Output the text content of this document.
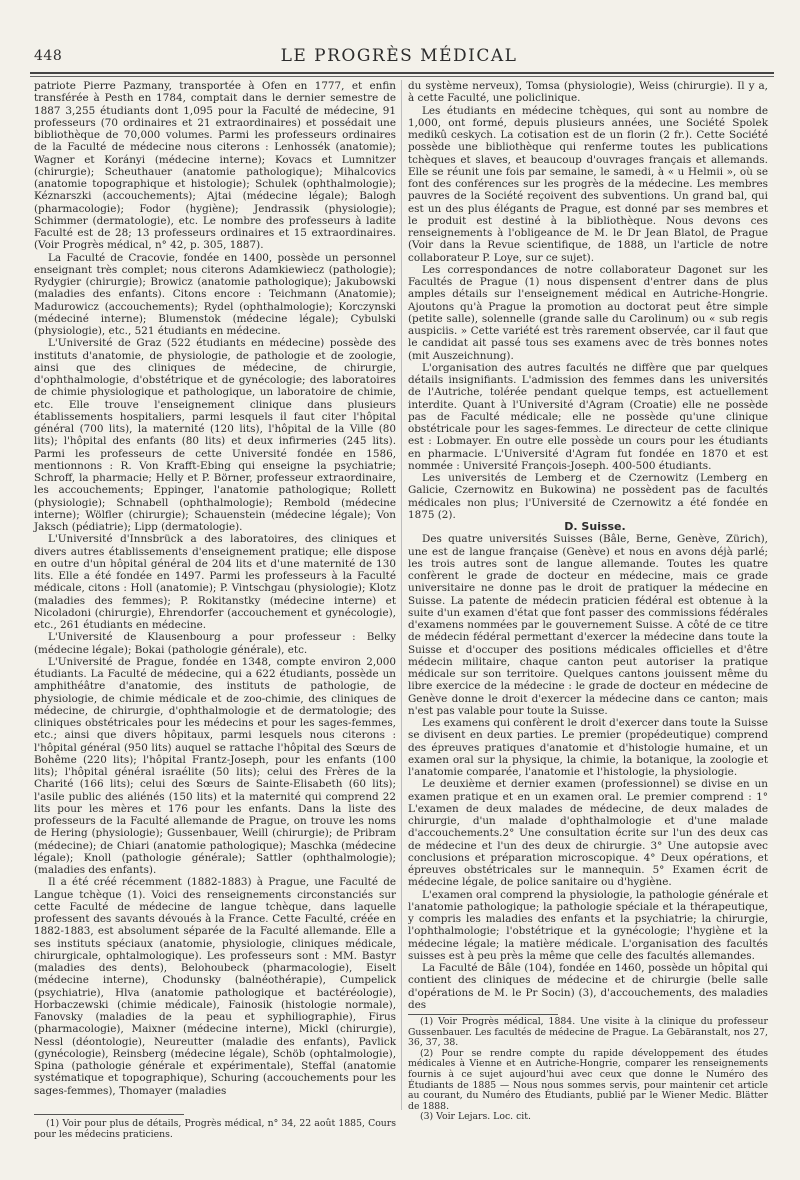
448	LE PROGRÈS MÉDICAL

patriote Pierre Pazmany, transportée à Ofen en 1777, et enfin transférée à Pesth en 1784, comptait dans le dernier semestre de 1887 3,255 étudiants dont 1,095 pour la Faculté de médecine, 91 professeurs (70 ordinaires et 21 extraordinaires) et possédait une bibliothèque de 70,000 volumes. Parmi les professeurs ordinaires de la Faculté de médecine nous citerons : Lenhossék (anatomie); Wagner et Korányi (médecine interne); Kovacs et Lumnitzer (chirurgie); Scheuthauer (anatomie pathologique); Mihalcovics (anatomie topographique et histologie); Schulek (ophthalmologie); Kéznarszki (accouchements); Ajtai (médecine légale); Balogh (pharmacologie); Fodor (hygiène); Jendrassik (physiologie); Schimmer (dermatologie), etc. Le nombre des professeurs à ladite Faculté est de 28; 13 professeurs ordinaires et 15 extraordinaires.(Voir Progrès médical, n° 42, p. 305, 1887).

La Faculté de Cracovie, fondée en 1400, possède un personnel enseignant très complet; nous citerons Adamkiewiecz (pathologie); Rydygier (chirurgie); Browicz (anatomie pathologique); Jakubowski (maladies des enfants). Citons encore : Teichmann (Anatomie); Madurowicz (accouchements); Rydel (ophthalmologie); Korczynski (médeciné interne); Blumenstok (médecine légale); Cybulski (physiologie), etc., 521 étudiants en médecine.

L'Université de Graz (522 étudiants en médecine) possède des instituts d'anatomie, de physiologie, de pathologie et de zoologie, ainsi que des cliniques de médecine, de chirurgie, d'ophthalmologie, d'obstétrique et de gynécologie; des laboratoires de chimie physiologique et pathologique, un laboratoire de chimie, etc. Elle trouve l'enseignement clinique dans plusieurs établissements hospitaliers, parmi lesquels il faut citer l'hôpital général (700 lits), la maternité (120 lits), l'hôpital de la Ville (80 lits); l'hôpital des enfants (80 lits) et deux infirmeries (245 lits). Parmi les professeurs de cette Université fondée en 1586, mentionnons : R. Von Krafft-Ebing qui enseigne la psychiatrie; Schroff, la pharmacie; Helly et P. Börner, professeur extraordinaire, les accouchements; Eppinger, l'anatomie pathologique; Rollett (physiologie); Schnabell (ophthalmologie); Rembold (médecine interne); Wölfler (chirurgie); Schauenstein (médecine légale); Von Jaksch (pédiatrie); Lipp (dermatologie).

L'Université d'Innsbrück a des laboratoires, des cliniques et divers autres établissements d'enseignement pratique; elle dispose en outre d'un hôpital général de 204 lits et d'une maternité de 130 lits. Elle a été fondée en 1497. Parmi les professeurs à la Faculté médicale, citons : Holl (anatomie); P. Vintschgau (physiologie); Klotz (maladies des femmes); P. Rokitanstky (médecine interne) et Nicoladoni (chirurgie), Ehrendorfer (accouchement et gynécologie), etc., 261 étudiants en médecine.

L'Université de Klausenbourg a pour professeur : Belky (médecine légale); Bokai (pathologie générale), etc.

L'Université de Prague, fondée en 1348, compte environ 2,000 étudiants. La Faculté de médecine, qui a 622 étudiants, possède un amphithéâtre d'anatomie, des instituts de pathologie, de physiologie, de chimie médicale et de zoo-chimie, des cliniques de médecine, de chirurgie, d'ophthalmologie et de dermatologie; des cliniques obstétricales pour les médecins et pour les sages-femmes, etc.; ainsi que divers hôpitaux, parmi lesquels nous citerons : l'hôpital général (950 lits) auquel se rattache l'hôpital des Sœurs de Bohême (220 lits); l'hôpital Frantz-Joseph, pour les enfants (100 lits); l'hôpital général israélite (50 lits); celui des Frères de la Charité (166 lits); celui des Sœurs de Sainte-Elisabeth (60 lits); l'asile public des aliénés (150 lits) et la maternité qui comprend 22 lits pour les mères et 176 pour les enfants. Dans la liste des professeurs de la Faculté allemande de Prague, on trouve les noms de Hering (physiologie); Gussenbauer, Weill (chirurgie); de Pribram (médecine); de Chiari (anatomie pathologique); Maschka (médecine légale); Knoll (pathologie générale); Sattler (ophthalmologie); (maladies des enfants).

Il a été créé récemment (1882-1883) à Prague, une Faculté de Langue tchèque (1). Voici des renseignements circonstanciés sur cette Faculté de médecine de langue tchèque, dans laquelle professent des savants dévoués à la France. Cette Faculté, créée en 1882-1883, est absolument séparée de la Faculté allemande. Elle a ses instituts spéciaux (anatomie, physiologie, cliniques médicale, chirurgicale, ophtalmologique). Les professeurs sont : MM. Bastyr (maladies des dents), Belohoubeck (pharmacologie), Eiselt (médecine interne), Chodunsky (balnéothérapie), Cumpelick (psychiatrie), Hlva (anatomie pathologique et bactéréologie), Horbaczewski (chimie médicale), Fainosik (histologie normale), Fanovsky (maladies de la peau et syphiliographie), Firus (pharmacologie), Maixner (médecine interne), Mickl (chirurgie), Nessl (déontologie), Neureutter (maladie des enfants), Pavlick (gynécologie), Reinsberg (médecine légale), Schöb (ophtalmologie), Spina (pathologie générale et expérimentale), Steffal (anatomie systématique et topographique), Schuring (accouchements pour les sages-femmes), Thomayer (maladies

du système nerveux), Tomsa (physiologie), Weiss (chirurgie). Il y a, à cette Faculté, une policlinique.

Les étudiants en médecine tchèques, qui sont au nombre de 1,000, ont formé, depuis plusieurs années, une Société Spolek medikû ceskych. La cotisation est de un florin (2 fr.). Cette Société possède une bibliothèque qui renferme toutes les publications tchèques et slaves, et beaucoup d'ouvrages français et allemands. Elle se réunit une fois par semaine, le samedi, à « u Helmii », où se font des conférences sur les progrès de la médecine. Les membres pauvres de la Société reçoivent des subventions. Un grand bal, qui est un des plus élégants de Prague, est donné par ses membres et le produit est destiné à la bibliothèque. Nous devons ces renseignements à l'obligeance de M. le Dr Jean Blatol, de Prague (Voir dans la Revue scientifique, de 1888, un l'article de notre collaborateur P. Loye, sur ce sujet).

Les correspondances de notre collaborateur Dagonet sur les Facultés de Prague (1) nous dispensent d'entrer dans de plus amples détails sur l'enseignement médical en Autriche-Hongrie. Ajoutons qu'à Prague la promotion au doctorat peut être simple (petite salle), solennelle (grande salle du Carolinum) ou « sub regis auspiciis. » Cette variété est très rarement observée, car il faut que le candidat ait passé tous ses examens avec de très bonnes notes (mit Auszeichnung).

L'organisation des autres facultés ne diffère que par quelques détails insignifiants. L'admission des femmes dans les universités de l'Autriche, tolérée pendant quelque temps, est actuellement interdite. Quant à l'Université d'Agram (Croatie) elle ne possède pas de Faculté médicale; elle ne possède qu'une clinique obstétricale pour les sages-femmes. Le directeur de cette clinique est : Lobmayer. En outre elle possède un cours pour les étudiants en pharmacie. L'Université d'Agram fut fondée en 1870 et est nommée : Université François-Joseph. 400-500 étudiants.

Les universités de Lemberg et de Czernowitz (Lemberg en Galicie, Czernowitz en Bukowina) ne possèdent pas de facultés médicales non plus; l'Université de Czernowitz a été fondée en 1875 (2).

D. Suisse.

Des quatre universités Suisses (Bâle, Berne, Genève, Zürich), une est de langue française (Genève) et nous en avons déjà parlé; les trois autres sont de langue allemande. Toutes les quatre confèrent le grade de docteur en médecine, mais ce grade universitaire ne donne pas le droit de pratiquer la médecine en Suisse. La patente de médecin praticien fédéral est obtenue à la suite d'un examen d'état que font passer des commissions fédérales d'examens nommées par le gouvernement Suisse. A côté de ce titre de médecin fédéral permettant d'exercer la médecine dans toute la Suisse et d'occuper des positions médicales officielles et d'être médecin militaire, chaque canton peut autoriser la pratique médicale sur son territoire. Quelques cantons jouissent même du libre exercice de la médecine : le grade de docteur en médecine de Genève donne le droit d'exercer la médecine dans ce canton; mais n'est pas valable pour toute la Suisse.

Les examens qui confèrent le droit d'exercer dans toute la Suisse se divisent en deux parties. Le premier (propédeutique) comprend des épreuves pratiques d'anatomie et d'histologie humaine, et un examen oral sur la physique, la chimie, la botanique, la zoologie et l'anatomie comparée, l'anatomie et l'histologie, la physiologie.

Le deuxième et dernier examen (professionnel) se divise en un examen pratique et en un examen oral. Le premier comprend : 1° L'examen de deux malades de médecine, de deux malades de chirurgie, d'un malade d'ophthalmologie et d'une malade d'accouchements.2° Une consultation écrite sur l'un des deux cas de médecine et l'un des deux de chirurgie. 3° Une autopsie avec conclusions et préparation microscopique. 4° Deux opérations, et épreuves obstétricales sur le mannequin. 5° Examen écrit de médecine légale, de police sanitaire ou d'hygiène.

L'examen oral comprend la physiologie, la pathologie générale et l'anatomie pathologique; la pathologie spéciale et la thérapeutique, y compris les maladies des enfants et la psychiatrie; la chirurgie, l'ophthalmologie; l'obstétrique et la gynécologie; l'hygiène et la médecine légale; la matière médicale. L'organisation des facultés suisses est à peu près la même que celle des facultés allemandes.

La Faculté de Bâle (104), fondée en 1460, possède un hôpital qui contient des cliniques de médecine et de chirurgie (belle salle d'opérations de M. le Pr Socin) (3), d'accouchements, des maladies des

(1) Voir Progrès médical, 1884. Une visite à la clinique du professeur Gussenbauer. Les facultés de médecine de Prague. La Gebäranstalt, nos 27, 36, 37, 38.

(2) Pour se rendre compte du rapide développement des études médicales à Vienne et en Autriche-Hongrie, comparer les renseignements fournis à ce sujet aujourd'hui avec ceux que donne le Numéro des Étudiants de 1885 — Nous nous sommes servis, pour maintenir cet article au courant, du Numéro des Étudiants, publié par le Wiener Medic. Blätter de 1888.

(3) Voir Lejars. Loc. cit.

(1) Voir pour plus de détails, Progrès médical, n° 34, 22 août 1885, Cours pour les médecins praticiens.
